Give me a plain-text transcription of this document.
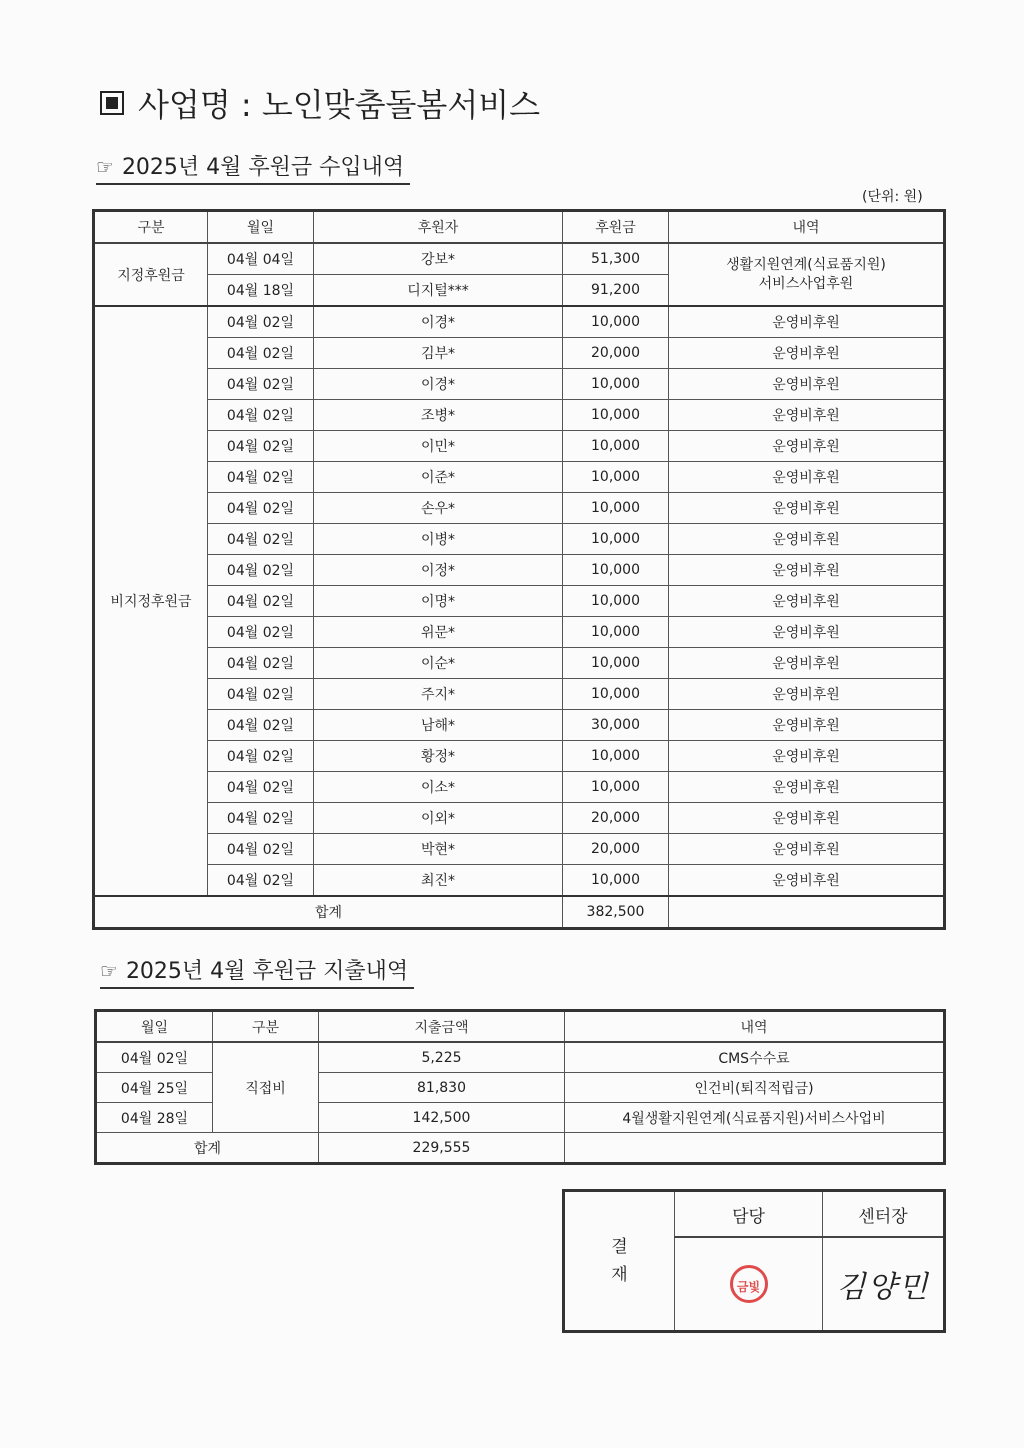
사업명 : 노인맞춤돌봄서비스
☞ 2025년 4월 후원금 수입내역
(단위: 원)
구분	월일	후원자	후원금	내역
지정후원금	04월 04일	강보*	51,300	생활지원연계(식료품지원)
서비스사업후원
	04월 18일	디지털***	91,200	
비지정후원금	04월 02일	이경*	10,000	운영비후원
	04월 02일	김부*	20,000	운영비후원
	04월 02일	이경*	10,000	운영비후원
	04월 02일	조병*	10,000	운영비후원
	04월 02일	이민*	10,000	운영비후원
	04월 02일	이준*	10,000	운영비후원
	04월 02일	손우*	10,000	운영비후원
	04월 02일	이병*	10,000	운영비후원
	04월 02일	이정*	10,000	운영비후원
	04월 02일	이명*	10,000	운영비후원
	04월 02일	위문*	10,000	운영비후원
	04월 02일	이순*	10,000	운영비후원
	04월 02일	주지*	10,000	운영비후원
	04월 02일	남해*	30,000	운영비후원
	04월 02일	황정*	10,000	운영비후원
	04월 02일	이소*	10,000	운영비후원
	04월 02일	이외*	20,000	운영비후원
	04월 02일	박현*	20,000	운영비후원
	04월 02일	최진*	10,000	운영비후원
합계			382,500	
☞ 2025년 4월 후원금 지출내역
월일	구분	지출금액	내역
04월 02일	직접비	5,225	CMS수수료
04월 25일		81,830	인건비(퇴직적립금)
04월 28일		142,500	4월생활지원연계(식료품지원)서비스사업비
합계		229,555	
결
재	담당	센터장
	금빛	김양민
